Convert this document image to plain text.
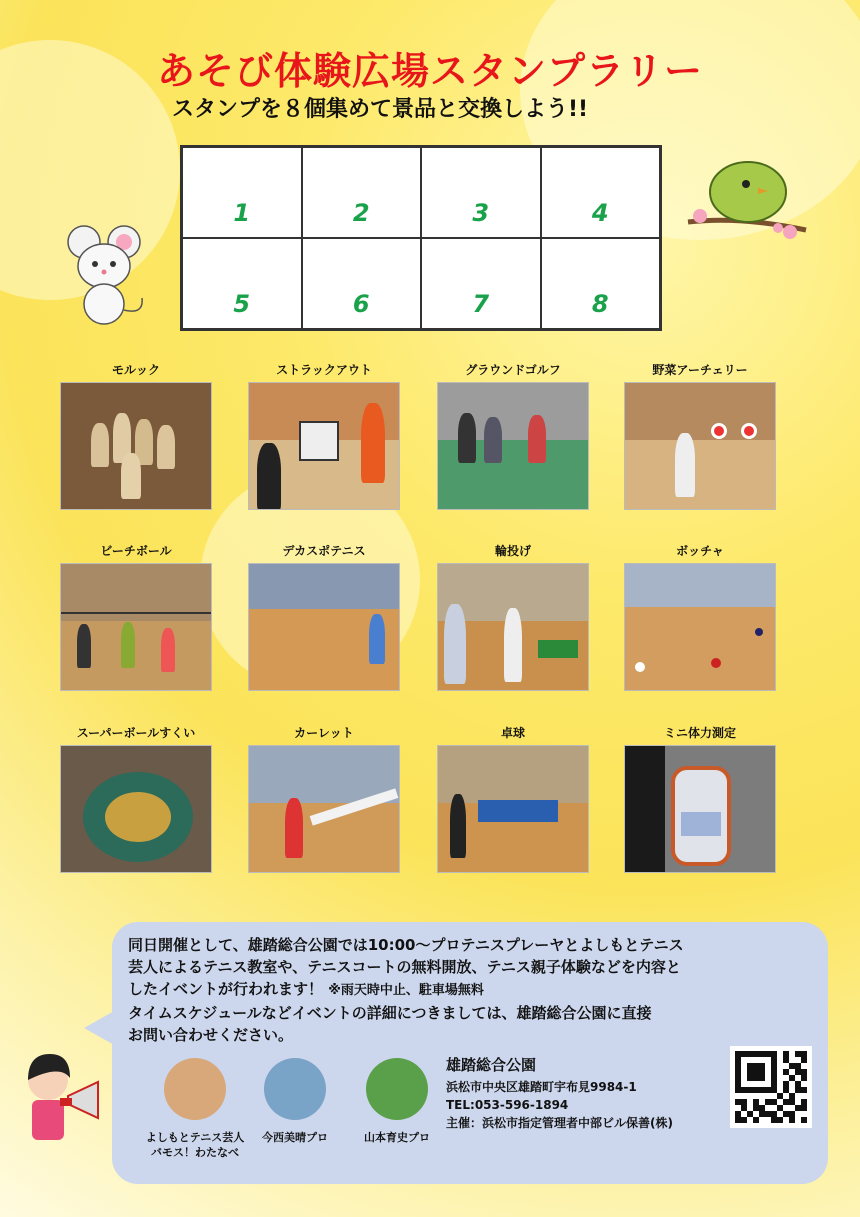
あそび体験広場スタンプラリー
スタンプを８個集めて景品と交換しよう!!
1	2	3	4
5	6	7	8
モルック	ストラックアウト	グラウンドゴルフ	野菜アーチェリー
ビーチボール	デカスポテニス	輪投げ	ボッチャ
スーパーボールすくい	カーレット	卓球	ミニ体力測定
同日開催として、雄踏総合公園では10:00～プロテニスプレーヤとよしもとテニス
芸人によるテニス教室や、テニスコートの無料開放、テニス親子体験などを内容と
したイベントが行われます！ ※雨天時中止、駐車場無料
タイムスケジュールなどイベントの詳細につきましては、雄踏総合公園に直接
お問い合わせください。
よしもとテニス芸人
バモス！わたなべ
今西美晴プロ	山本育史プロ
雄踏総合公園
浜松市中央区雄踏町宇布見9984-1
TEL:053-596-1894
主催：浜松市指定管理者中部ビル保善(株)
